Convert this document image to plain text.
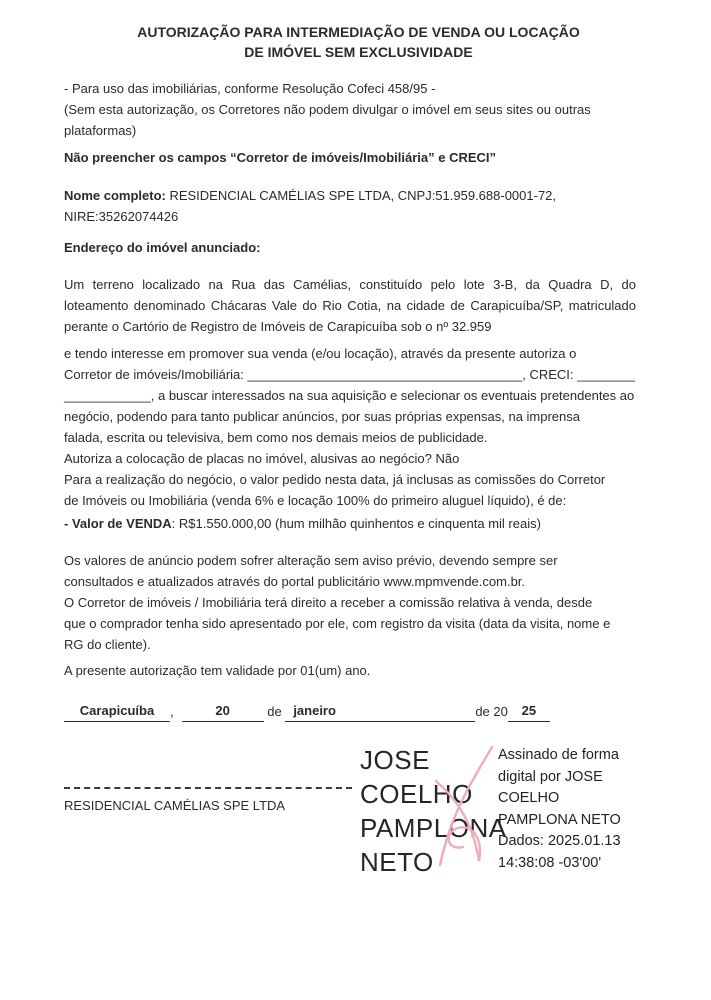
AUTORIZAÇÃO PARA INTERMEDIAÇÃO DE VENDA OU LOCAÇÃO
DE IMÓVEL SEM EXCLUSIVIDADE
- Para uso das imobiliárias, conforme Resolução Cofeci 458/95 -
(Sem esta autorização, os Corretores não podem divulgar o imóvel em seus sites ou outras
plataformas)
Não preencher os campos “Corretor de imóveis/Imobiliária” e CRECI”
Nome completo: RESIDENCIAL CAMÉLIAS SPE LTDA, CNPJ:51.959.688-0001-72,
NIRE:35262074426
Endereço do imóvel anunciado:
Um terreno localizado na Rua das Camélias, constituído pelo lote 3-B, da Quadra D, do loteamento denominado Chácaras Vale do Rio Cotia, na cidade de Carapicuíba/SP, matriculado perante o Cartório de Registro de Imóveis de Carapicuíba sob o nº 32.959
e tendo interesse em promover sua venda (e/ou locação), através da presente autoriza o
Corretor de imóveis/Imobiliária: ______________________________________, CRECI: ________
____________, a buscar interessados na sua aquisição e selecionar os eventuais pretendentes ao
negócio, podendo para tanto publicar anúncios, por suas próprias expensas, na imprensa
falada, escrita ou televisiva, bem como nos demais meios de publicidade.
Autoriza a colocação de placas no imóvel, alusivas ao negócio? Não
Para a realização do negócio, o valor pedido nesta data, já inclusas as comissões do Corretor
de Imóveis ou Imobiliária (venda 6% e locação 100% do primeiro aluguel líquido), é de:
- Valor de VENDA: R$1.550.000,00 (hum milhão quinhentos e cinquenta mil reais)
Os valores de anúncio podem sofrer alteração sem aviso prévio, devendo sempre ser
consultados e atualizados através do portal publicitário www.mpmvende.com.br.
O Corretor de imóveis / Imobiliária terá direito a receber a comissão relativa à venda, desde
que o comprador tenha sido apresentado por ele, com registro da visita (data da visita, nome e
RG do cliente).
A presente autorização tem validade por 01(um) ano.
Carapicuíba ,	20	de janeiro	de 20 25
RESIDENCIAL CAMÉLIAS SPE LTDA
JOSE
COELHO
PAMPLONA
NETO
Assinado de forma
digital por JOSE
COELHO
PAMPLONA NETO
Dados: 2025.01.13
14:38:08 -03'00'
